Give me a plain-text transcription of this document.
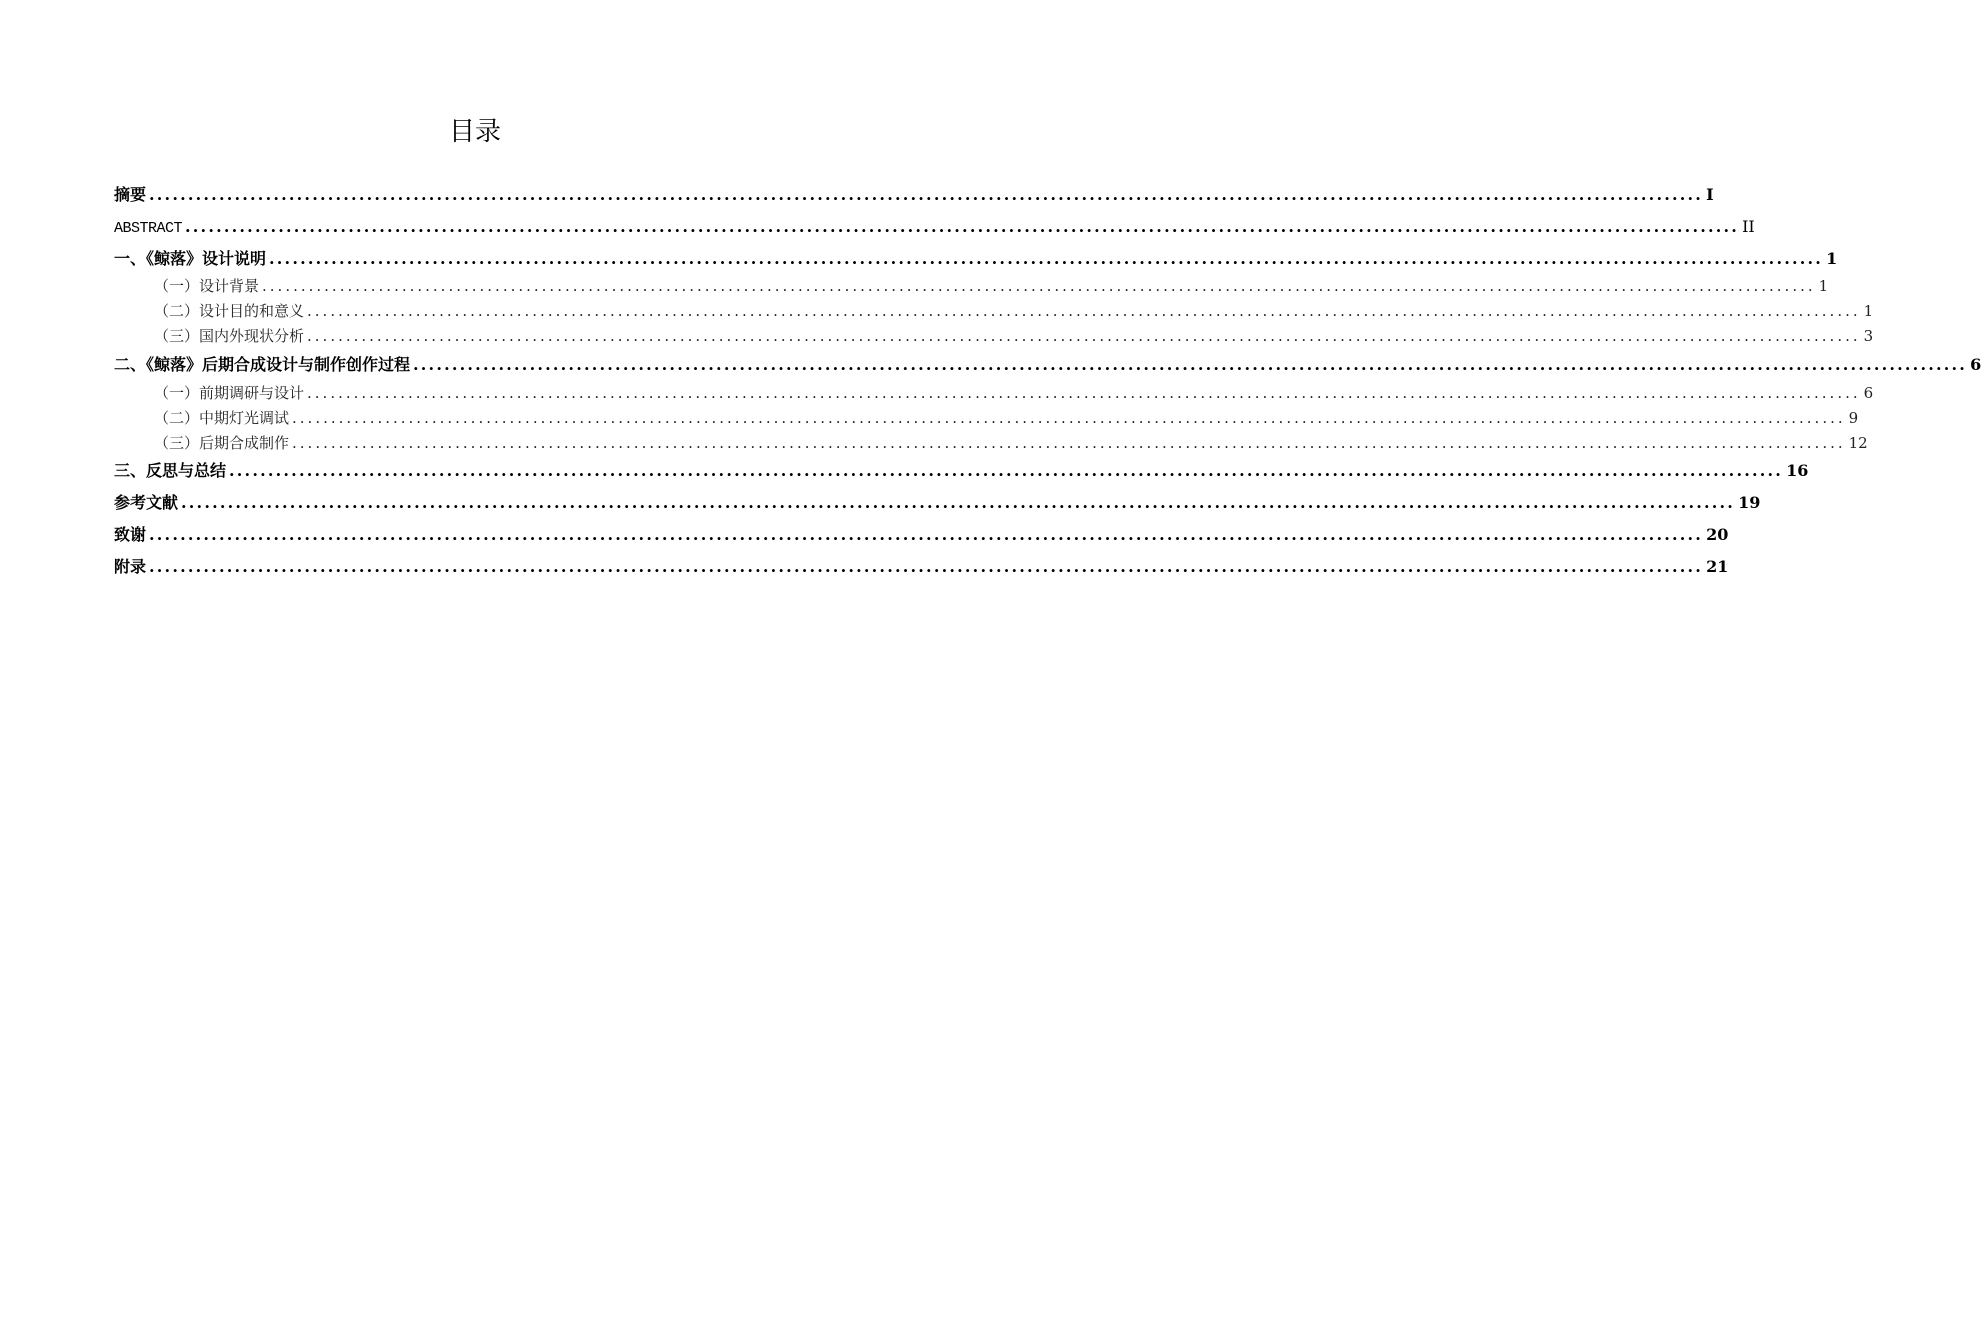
目录
摘要 ........................................................................................................................................................................................................ I
ABSTRACT ........................................................................................................................................................................................................ II
一、《鲸落》设计说明 ........................................................................................................................................................................................................ 1
（一）设计背景 ........................................................................................................................................................................................................ 1
（二）设计目的和意义 ........................................................................................................................................................................................................ 1
（三）国内外现状分析 ........................................................................................................................................................................................................ 3
二、《鲸落》后期合成设计与制作创作过程 ........................................................................................................................................................................................................ 6
（一）前期调研与设计 ........................................................................................................................................................................................................ 6
（二）中期灯光调试 ........................................................................................................................................................................................................ 9
（三）后期合成制作 ........................................................................................................................................................................................................ 12
三、反思与总结 ........................................................................................................................................................................................................ 16
参考文献 ........................................................................................................................................................................................................ 19
致谢 ........................................................................................................................................................................................................ 20
附录 ........................................................................................................................................................................................................ 21
